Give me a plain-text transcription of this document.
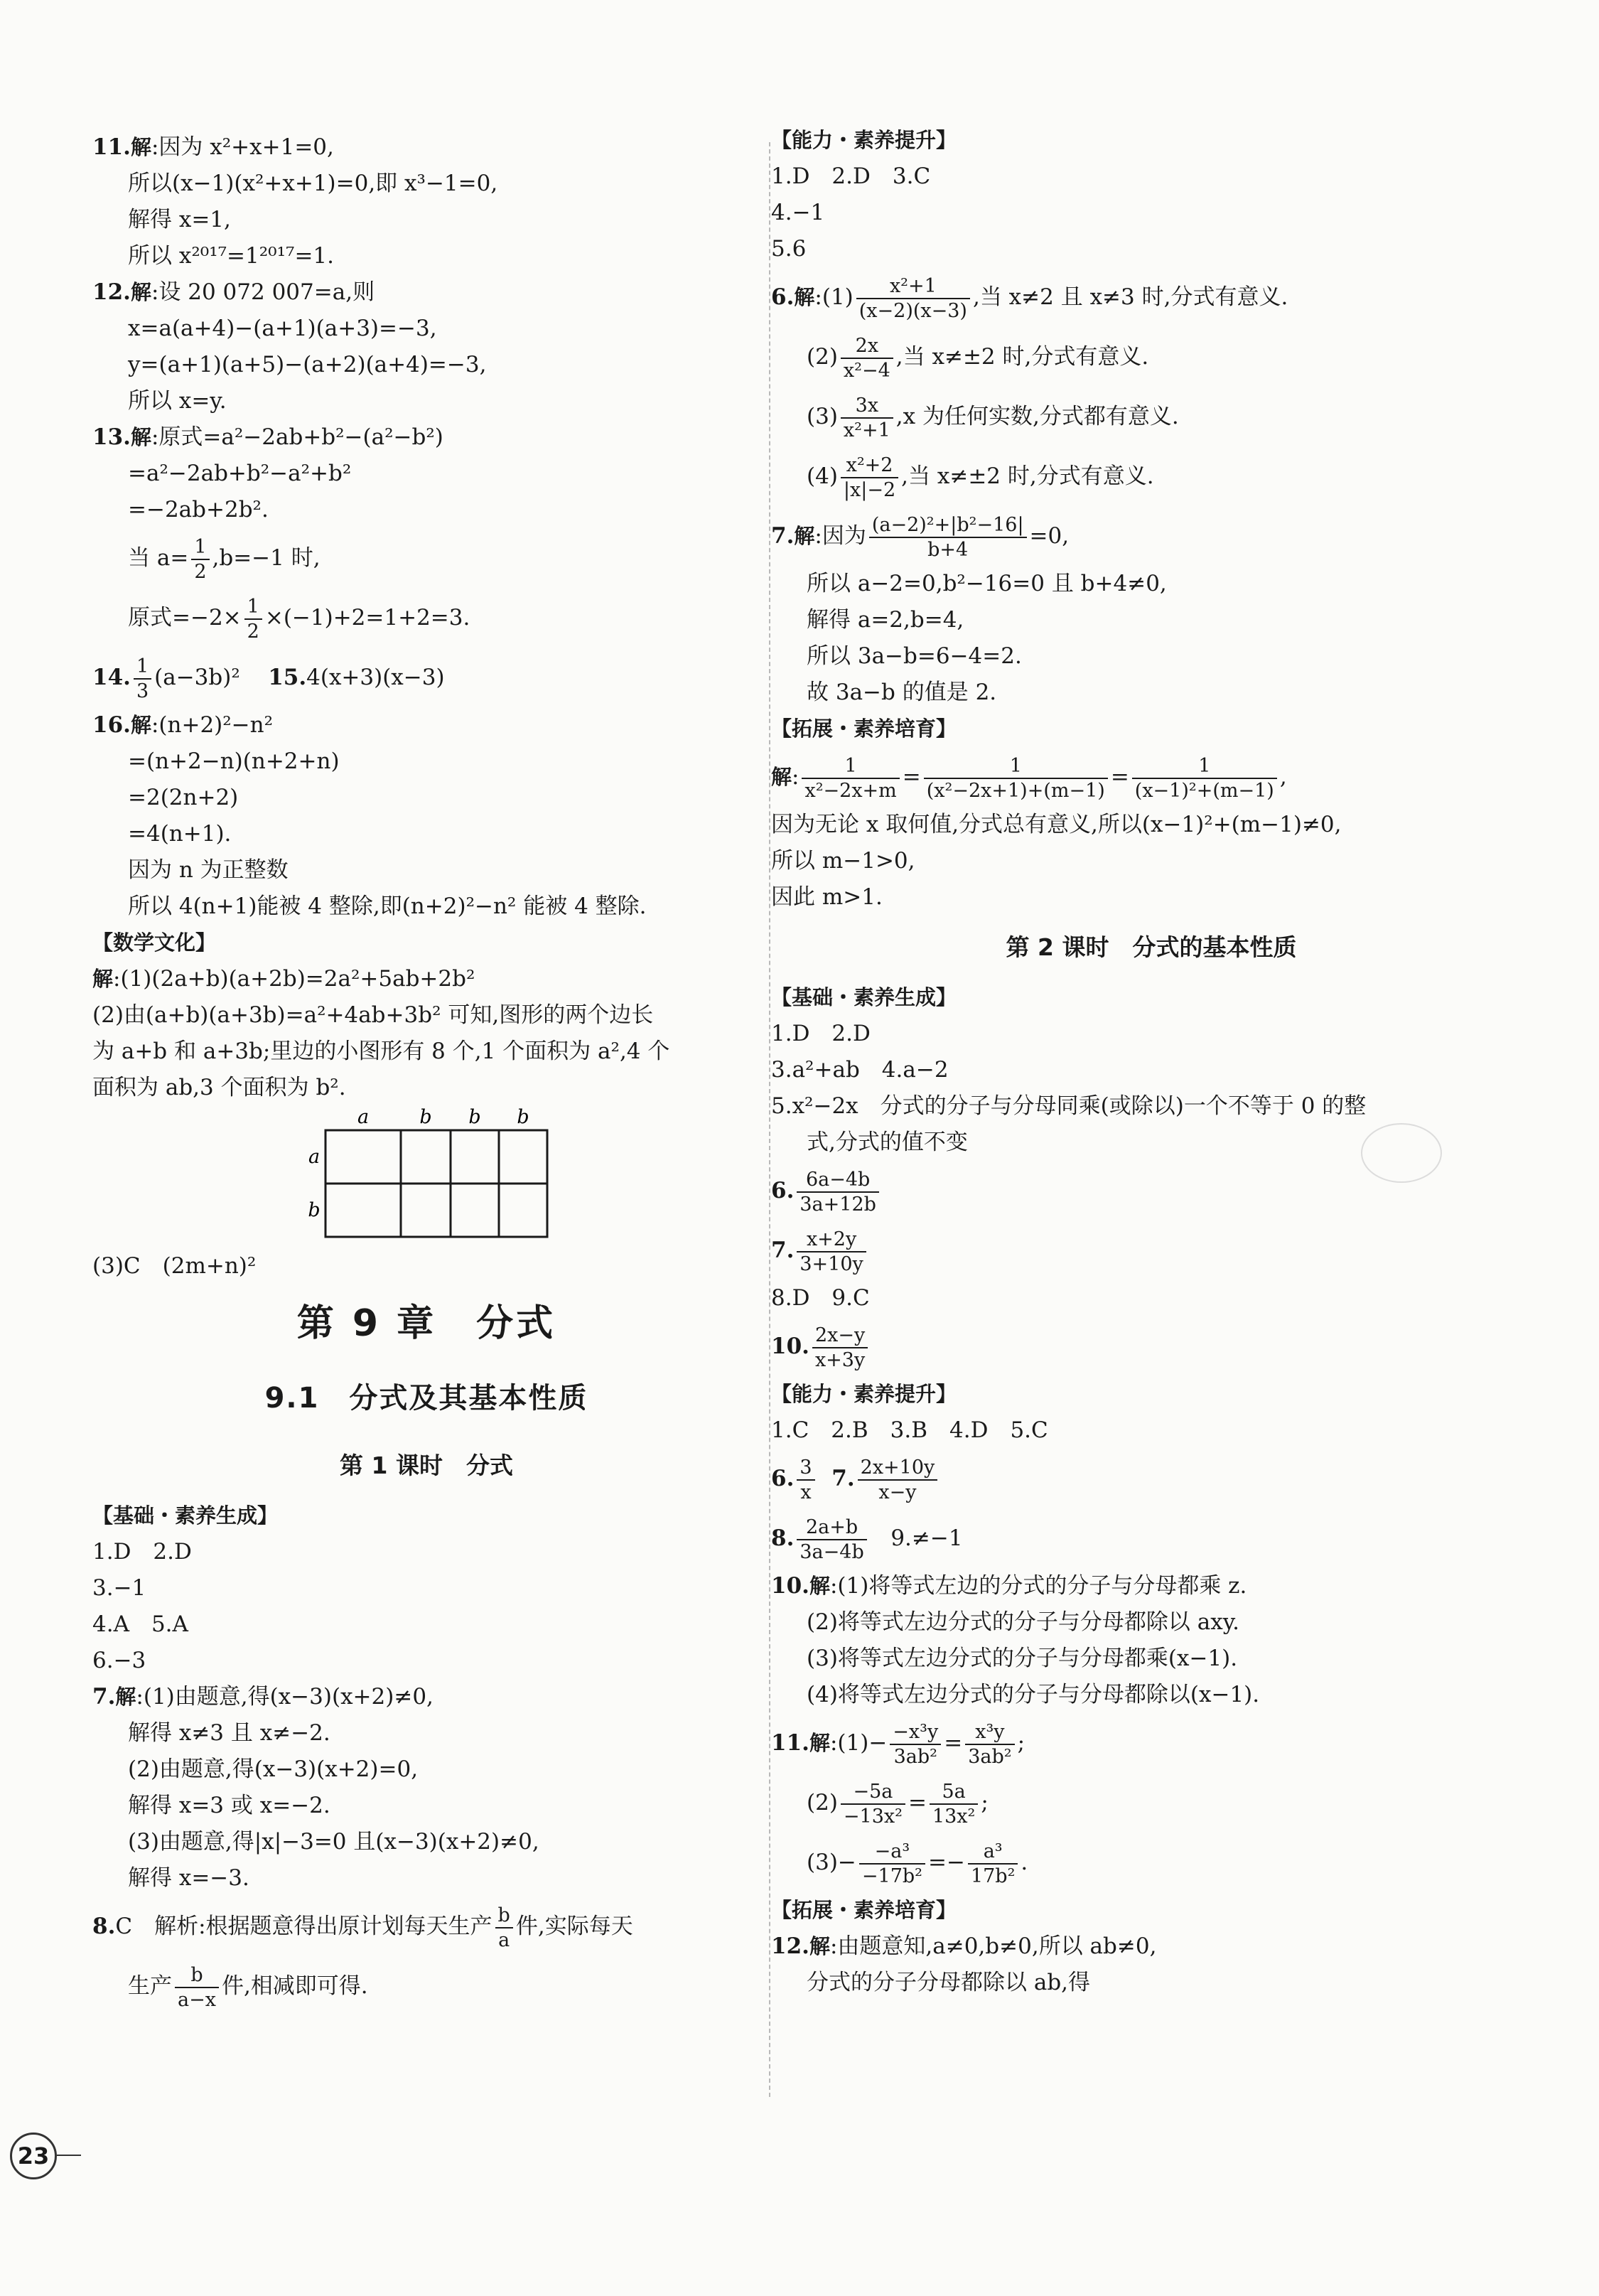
11.解:因为 x²+x+1=0,
所以(x−1)(x²+x+1)=0,即 x³−1=0,
解得 x=1,
所以 x²⁰¹⁷=1²⁰¹⁷=1.
12.解:设 20 072 007=a,则
x=a(a+4)−(a+1)(a+3)=−3,
y=(a+1)(a+5)−(a+2)(a+4)=−3,
所以 x=y.
13.解:原式=a²−2ab+b²−(a²−b²)
=a²−2ab+b²−a²+b²
=−2ab+2b².
当 $a= \frac{1}{2} ,b=-1$ 时,
原式$=-2\times \frac{1}{2} \times(-1)+2=1+2=3$.
14. $\frac{1}{3} (a-3b)^2$ 15.4(x+3)(x−3)
16.解:(n+2)²−n²
=(n+2−n)(n+2+n)
=2(2n+2)
=4(n+1).
因为 n 为正整数
所以 4(n+1)能被 4 整除,即(n+2)²−n² 能被 4 整除.
【数学文化】
解:(1)(2a+b)(a+2b)=2a²+5ab+2b²
(2)由(a+b)(a+3b)=a²+4ab+3b² 可知,图形的两个边长
为 a+b 和 a+3b;里边的小图形有 8 个,1 个面积为 a²,4 个
面积为 ab,3 个面积为 b².
a	b b b
a
b
(3)C　(2m+n)²
第 9 章　分式
9.1　分式及其基本性质
第 1 课时　分式
【基础・素养生成】
1.D　2.D
3.−1
4.A　5.A
6.−3
7.解:(1)由题意,得(x−3)(x+2)≠0,
解得 x≠3 且 x≠−2.
(2)由题意,得(x−3)(x+2)=0,
解得 x=3 或 x=−2.
(3)由题意,得|x|−3=0 且(x−3)(x+2)≠0,
解得 x=−3.
8.C　解析:根据题意得出原计划每天生产 $\frac{b}{a}$ 件,实际每天
生产 $\frac{b}{a-x}$ 件,相减即可得.
【能力・素养提升】
1.D　2.D　3.C
4.−1
5.6
6.解:(1) $\frac{\text{x²+1}}{(x-2)(x-3)}$ ,当 x≠2 且 x≠3 时,分式有意义.
$(2) \frac{2x}{\text{x²−4}}$ ,当 x≠±2 时,分式有意义.
$(3) \frac{3x}{\text{x²+1}} ,x$ 为任何实数,分式都有意义.
$(4) \frac{\text{x²+2}}{|x|-2}$ ,当 x≠±2 时,分式有意义.
7.解:因为 $\frac{\text{(a−2)²+|b²−16|}}{b+4} =0$,
所以 a−2=0,b²−16=0 且 b+4≠0,
解得 a=2,b=4,
所以 3a−b=6−4=2.
故 3a−b 的值是 2.
【拓展・素养培育】
解: $\frac{1}{\text{x²−2x+m}} = \frac{1}{\text{(x²−2x+1)+(m−1)}} = \frac{1}{\text{(x−1)²+(m−1)}}$ ,
因为无论 x 取何值,分式总有意义,所以(x−1)²+(m−1)≠0,
所以 m−1>0,
因此 m>1.
第 2 课时　分式的基本性质
【基础・素养生成】
1.D　2.D
3.a²+ab　4.a−2
5.x²−2x　分式的分子与分母同乘(或除以)一个不等于 0 的整
式,分式的值不变
6. $\frac{6a-4b}{3a+12b}$
7. $\frac{x+2y}{3+10y}$
8.D　9.C
10. $\frac{2x-y}{x+3y}$
【能力・素养提升】
1.C　2.B　3.B　4.D　5.C
6. $\frac{3}{x} 7$. $\frac{2x+10y}{x-y}$
8. $\frac{2a+b}{3a-4b} 9.\ne-1$
10.解:(1)将等式左边的分式的分子与分母都乘 z.
(2)将等式左边分式的分子与分母都除以 axy.
(3)将等式左边分式的分子与分母都乘(x−1).
(4)将等式左边分式的分子与分母都除以(x−1).
11.解:(1)− $\frac{\text{−x³y}}{\text{3ab²}} = \frac{\text{x³y}}{\text{3ab²}}$ ;
$(2) \frac{-5a}{\text{−13x²}} = \frac{5a}{\text{13x²}}$ ;
$(3)- \frac{\text{−a³}}{\text{−17b²}} =- \frac{\text{a³}}{\text{17b²}}$ .
【拓展・素养培育】
12.解:由题意知,a≠0,b≠0,所以 ab≠0,
分式的分子分母都除以 ab,得
23
